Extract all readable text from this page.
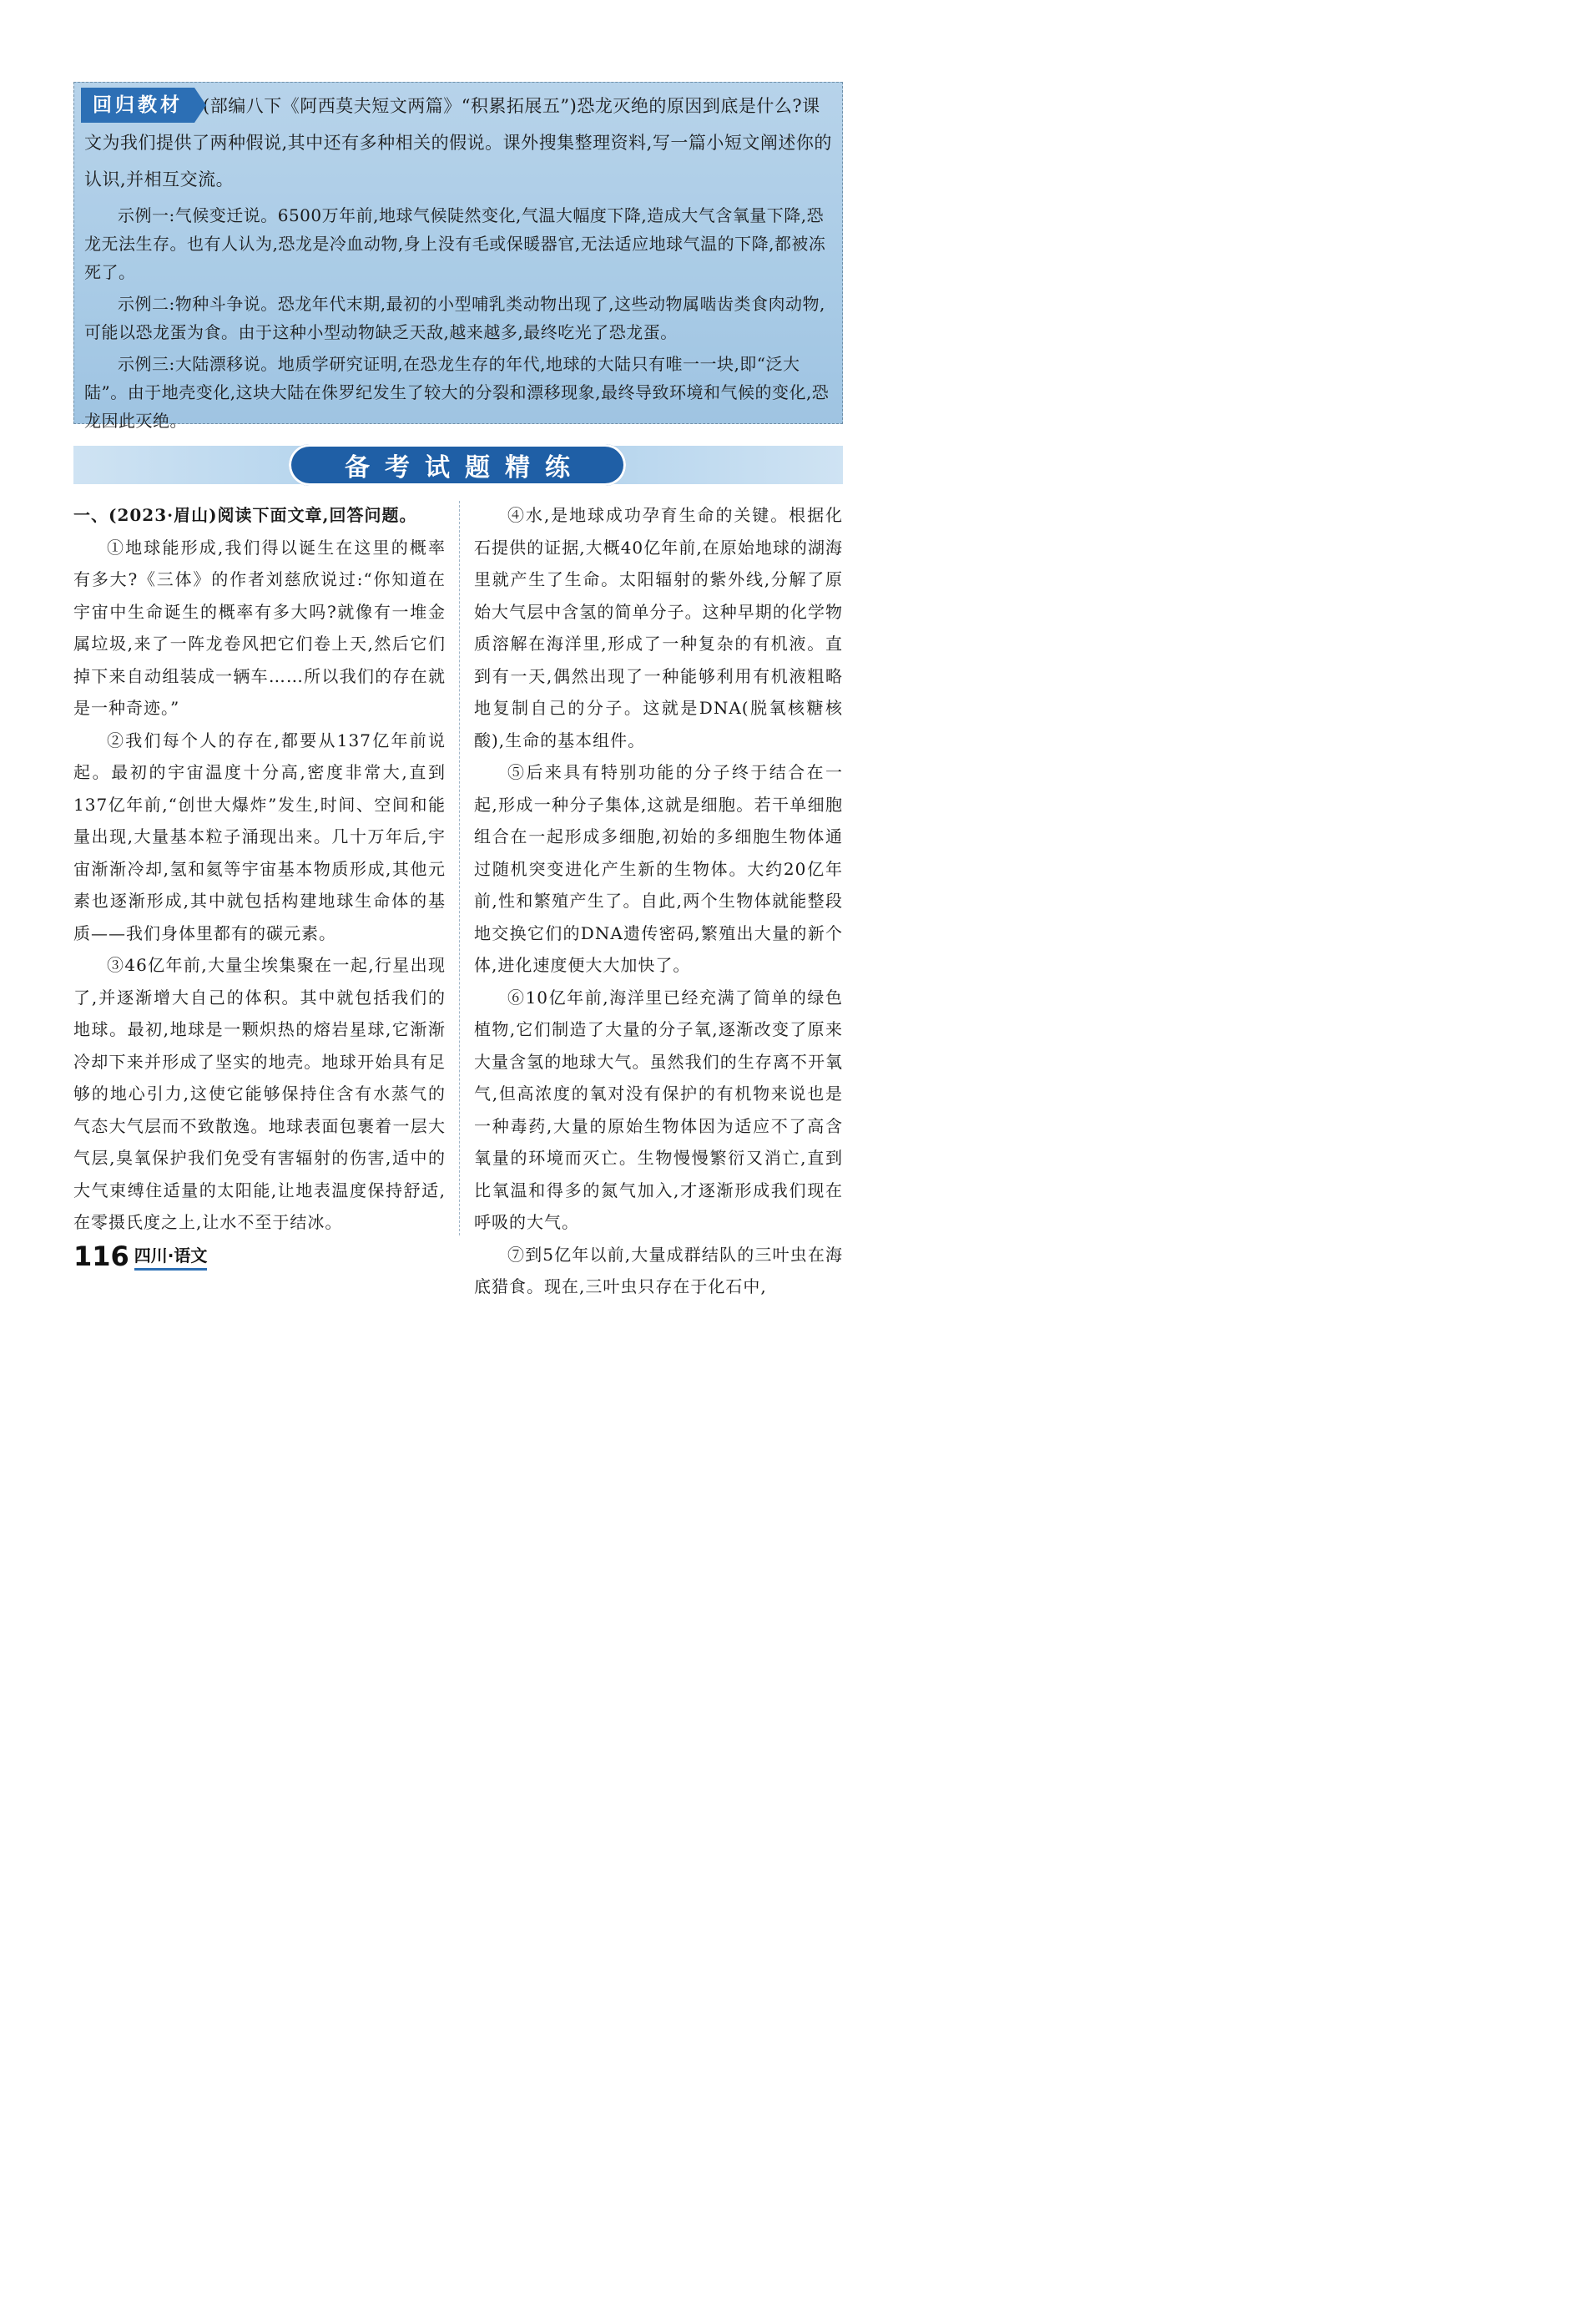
回归教材	(部编八下《阿西莫夫短文两篇》“积累拓展五”)恐龙灭绝的原因到底是什么?课文为我们提供了两种假说,其中还有多种相关的假说。课外搜集整理资料,写一篇小短文阐述你的认识,并相互交流。

示例一:气候变迁说。6500万年前,地球气候陡然变化,气温大幅度下降,造成大气含氧量下降,恐龙无法生存。也有人认为,恐龙是冷血动物,身上没有毛或保暖器官,无法适应地球气温的下降,都被冻死了。

示例二:物种斗争说。恐龙年代末期,最初的小型哺乳类动物出现了,这些动物属啮齿类食肉动物,可能以恐龙蛋为食。由于这种小型动物缺乏天敌,越来越多,最终吃光了恐龙蛋。

示例三:大陆漂移说。地质学研究证明,在恐龙生存的年代,地球的大陆只有唯一一块,即“泛大陆”。由于地壳变化,这块大陆在侏罗纪发生了较大的分裂和漂移现象,最终导致环境和气候的变化,恐龙因此灭绝。

备考试题精练

一、(2023·眉山)阅读下面文章,回答问题。

①地球能形成,我们得以诞生在这里的概率有多大?《三体》的作者刘慈欣说过:“你知道在宇宙中生命诞生的概率有多大吗?就像有一堆金属垃圾,来了一阵龙卷风把它们卷上天,然后它们掉下来自动组装成一辆车……所以我们的存在就是一种奇迹。”

②我们每个人的存在,都要从137亿年前说起。最初的宇宙温度十分高,密度非常大,直到137亿年前,“创世大爆炸”发生,时间、空间和能量出现,大量基本粒子涌现出来。几十万年后,宇宙渐渐冷却,氢和氦等宇宙基本物质形成,其他元素也逐渐形成,其中就包括构建地球生命体的基质——我们身体里都有的碳元素。

③46亿年前,大量尘埃集聚在一起,行星出现了,并逐渐增大自己的体积。其中就包括我们的地球。最初,地球是一颗炽热的熔岩星球,它渐渐冷却下来并形成了坚实的地壳。地球开始具有足够的地心引力,这使它能够保持住含有水蒸气的气态大气层而不致散逸。地球表面包裹着一层大气层,臭氧保护我们免受有害辐射的伤害,适中的大气束缚住适量的太阳能,让地表温度保持舒适,在零摄氏度之上,让水不至于结冰。

④水,是地球成功孕育生命的关键。根据化石提供的证据,大概40亿年前,在原始地球的湖海里就产生了生命。太阳辐射的紫外线,分解了原始大气层中含氢的简单分子。这种早期的化学物质溶解在海洋里,形成了一种复杂的有机液。直到有一天,偶然出现了一种能够利用有机液粗略地复制自己的分子。这就是DNA(脱氧核糖核酸),生命的基本组件。

⑤后来具有特别功能的分子终于结合在一起,形成一种分子集体,这就是细胞。若干单细胞组合在一起形成多细胞,初始的多细胞生物体通过随机突变进化产生新的生物体。大约20亿年前,性和繁殖产生了。自此,两个生物体就能整段地交换它们的DNA遗传密码,繁殖出大量的新个体,进化速度便大大加快了。

⑥10亿年前,海洋里已经充满了简单的绿色植物,它们制造了大量的分子氧,逐渐改变了原来大量含氢的地球大气。虽然我们的生存离不开氧气,但高浓度的氧对没有保护的有机物来说也是一种毒药,大量的原始生物体因为适应不了高含氧量的环境而灭亡。生物慢慢繁衍又消亡,直到比氧温和得多的氮气加入,才逐渐形成我们现在呼吸的大气。

⑦到5亿年以前,大量成群结队的三叶虫在海底猎食。现在,三叶虫只存在于化石中,

116 四川·语文
